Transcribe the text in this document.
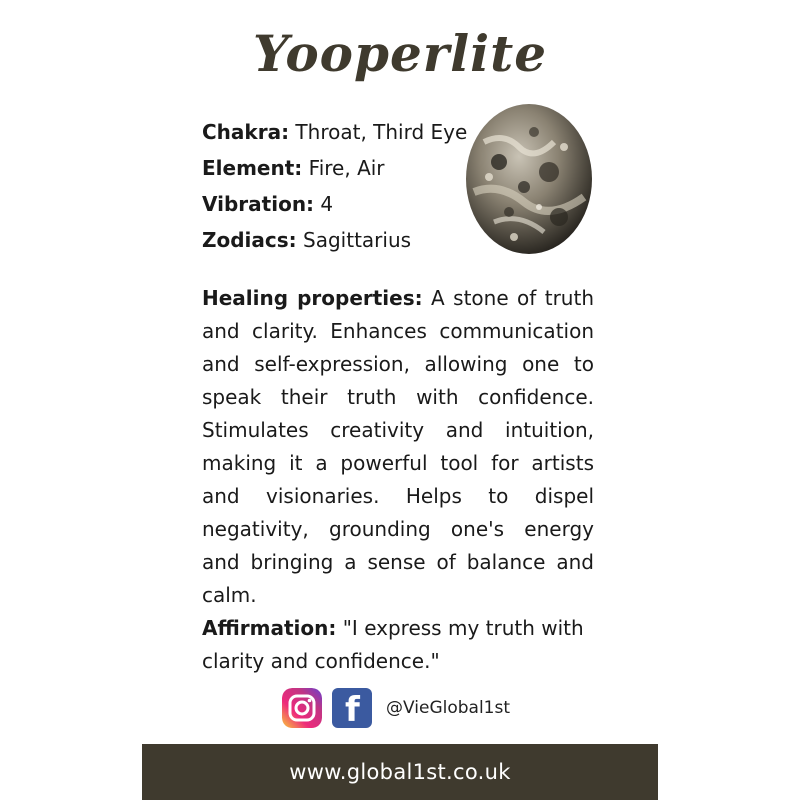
Yooperlite
Chakra: Throat, Third Eye
Element: Fire, Air
Vibration: 4
Zodiacs: Sagittarius
Healing properties: A stone of truth and clarity. Enhances communication and self-expression, allowing one to speak their truth with confidence. Stimulates creativity and intuition, making it a powerful tool for artists and visionaries. Helps to dispel negativity, grounding one's energy and bringing a sense of balance and calm.
Affirmation: "I express my truth with clarity and confidence."
f @VieGlobal1st
www.global1st.co.uk
